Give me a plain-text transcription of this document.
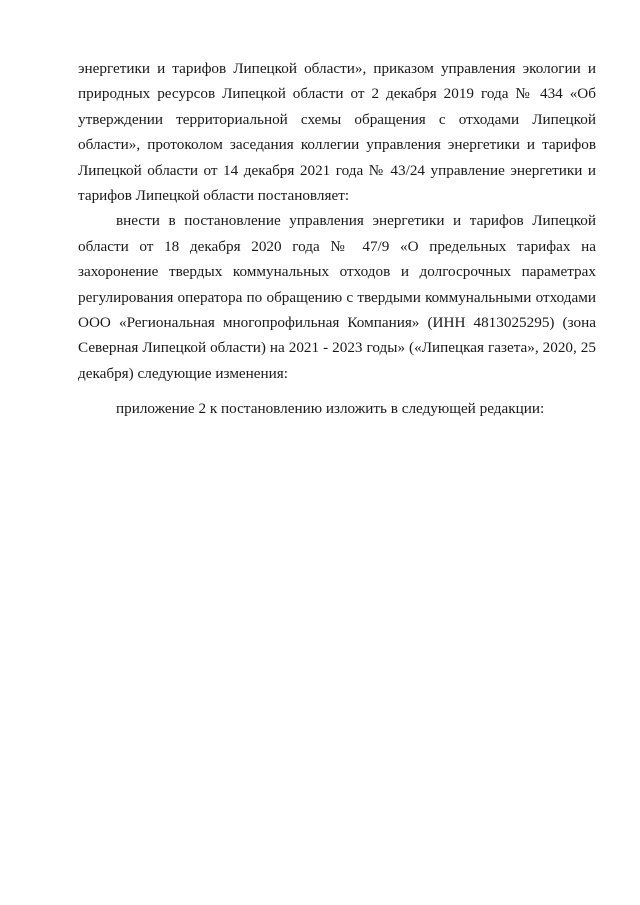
энергетики и тарифов Липецкой области», приказом управления экологии и
природных ресурсов Липецкой области от 2 декабря 2019 года № 434 «Об
утверждении территориальной схемы обращения с отходами Липецкой
области», протоколом заседания коллегии управления энергетики и тарифов
Липецкой области от 14 декабря 2021 года № 43/24 управление энергетики и
тарифов Липецкой области постановляет:
внести в постановление управления энергетики и тарифов Липецкой
области от 18 декабря 2020 года № 47/9 «О предельных тарифах на
захоронение твердых коммунальных отходов и долгосрочных параметрах
регулирования оператора по обращению с твердыми коммунальными отходами
ООО «Региональная многопрофильная Компания» (ИНН 4813025295) (зона
Северная Липецкой области) на 2021 - 2023 годы» («Липецкая газета», 2020, 25
декабря) следующие изменения:
приложение 2 к постановлению изложить в следующей редакции:
